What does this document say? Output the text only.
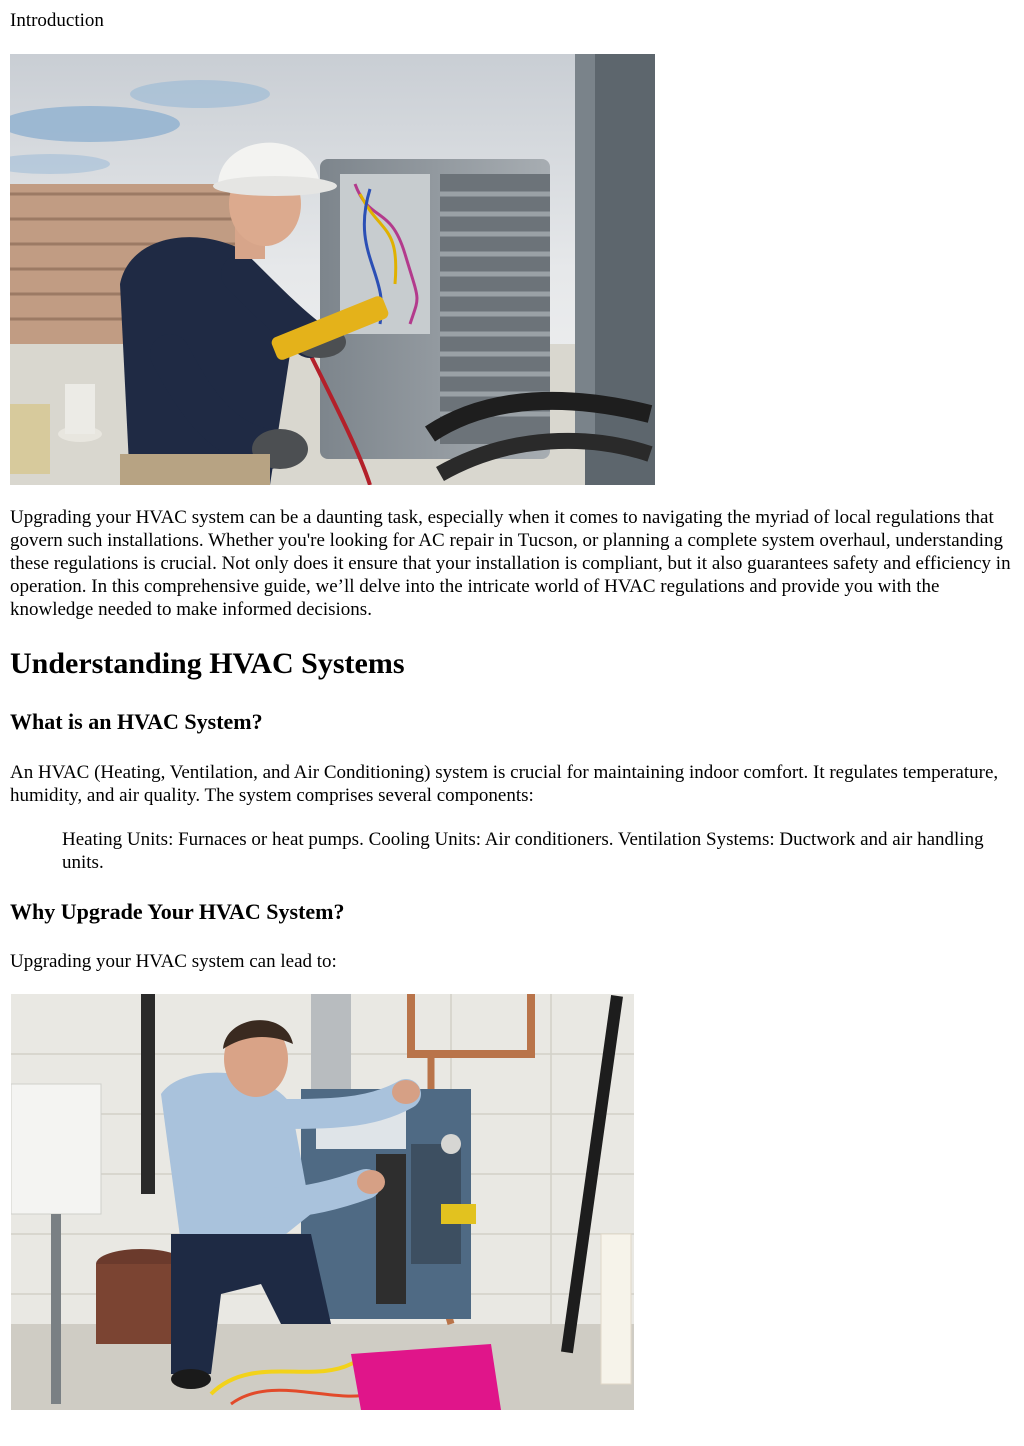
Introduction

Upgrading your HVAC system can be a daunting task, especially when it comes to navigating the myriad of local regulations that govern such installations. Whether you're looking for AC repair in Tucson, or planning a complete system overhaul, understanding these regulations is crucial. Not only does it ensure that your installation is compliant, but it also guarantees safety and efficiency in operation. In this comprehensive guide, we’ll delve into the intricate world of HVAC regulations and provide you with the knowledge needed to make informed decisions.

Understanding HVAC Systems
What is an HVAC System?

An HVAC (Heating, Ventilation, and Air Conditioning) system is crucial for maintaining indoor comfort. It regulates temperature, humidity, and air quality. The system comprises several components:

Heating Units: Furnaces or heat pumps. Cooling Units: Air conditioners. Ventilation Systems: Ductwork and air handling units.

Why Upgrade Your HVAC System?

Upgrading your HVAC system can lead to:
